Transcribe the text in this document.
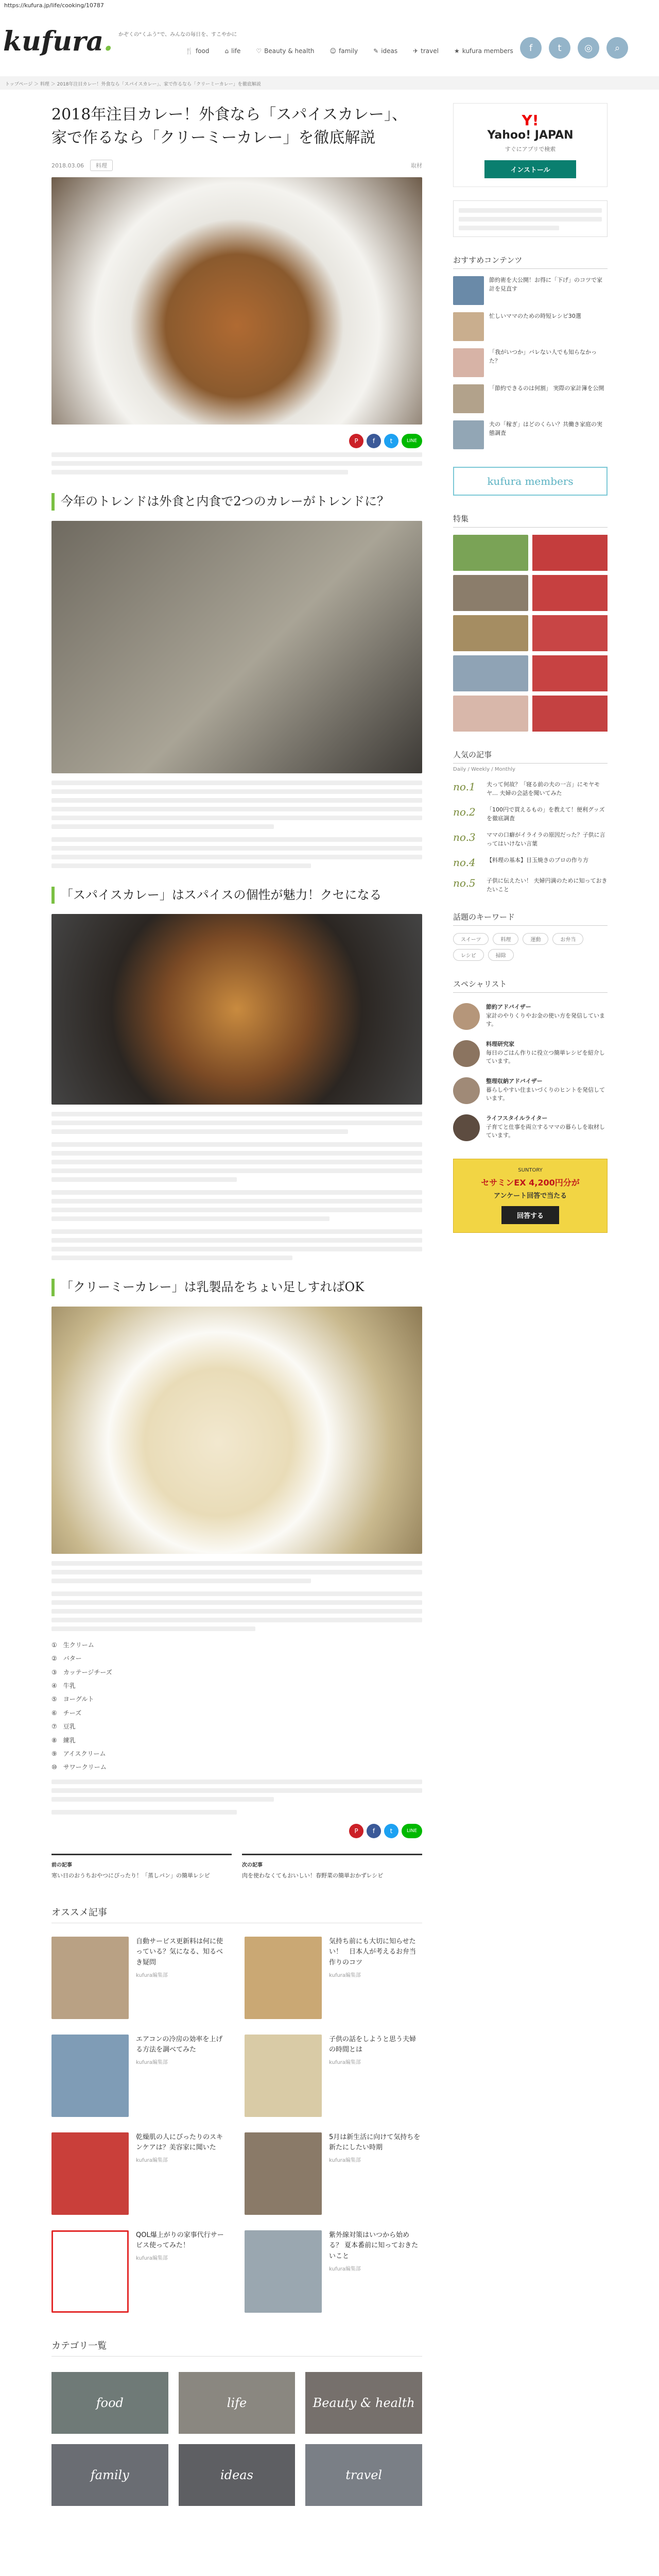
https://kufura.jp/life/cooking/10787
kufura. かぞくの“くふう”で、みんなの毎日を、すこやかに
🍴 food	⌂ life	♡ Beauty & health	☺ family	✎ ideas	✈ travel	★ kufura members	f	t	◎	⌕
トップページ ＞ 料理 ＞ 2018年注目カレー！外食なら「スパイスカレー」、家で作るなら「クリーミーカレー」を徹底解説
2018年注目カレー！外食なら「スパイスカレー」、家で作るなら「クリーミーカレー」を徹底解説
2018.03.06	料理	取材
P	f	t	LINE
今年のトレンドは外食と内食で2つのカレーがトレンドに？
「スパイスカレー」はスパイスの個性が魅力！クセになる
「クリーミーカレー」は乳製品をちょい足しすればOK
①　生クリーム
②　バター
③　カッテージチーズ
④　牛乳
⑤　ヨーグルト
⑥　チーズ
⑦　豆乳
⑧　練乳
⑨　アイスクリーム
⑩　サワークリーム
P	f	t	LINE
前の記事
寒い日のおうちおやつにぴったり！「蒸しパン」の簡単レシピ
次の記事
肉を使わなくてもおいしい！春野菜の簡単おかずレシピ
オススメ記事
自動サービス更新料は何に使っている？気になる、知るべき疑問
kufura編集部
気持ち前にも大切に知らせたい！　日本人が考えるお弁当作りのコツ
kufura編集部
エアコンの冷房の効率を上げる方法を調べてみた
kufura編集部
子供の話をしようと思う夫婦の時間とは
kufura編集部
乾燥肌の人にぴったりのスキンケアは？美容家に聞いた
kufura編集部
5月は新生活に向けて気持ちを新たにしたい時期
kufura編集部
QOL爆上がりの家事代行サービス使ってみた！
kufura編集部
紫外線対策はいつから始める？ 夏本番前に知っておきたいこと
kufura編集部
カテゴリ一覧
food	life	Beauty & health
family	ideas	travel
Y!
Yahoo! JAPAN
すぐにアプリで検索
インストール
おすすめコンテンツ
節約術を大公開！お得に「下げ」のコツで家計を見直す
忙しいママのための時短レシピ30選
「我がいつか」バレない人でも知らなかった？
「節約できるのは何割」 実際の家計簿を公開
夫の「稼ぎ」はどのくらい？共働き家庭の実態調査
kufura members
特集
人気の記事
Daily / Weekly / Monthly
no.1	夫って何故？「寝る前の夫の一言」にモヤモヤ… 夫婦の会話を聞いてみた
no.2	「100円で買えるもの」を教えて！便利グッズを徹底調査
no.3	ママの口癖がイライラの原因だった？子供に言ってはいけない言葉
no.4	【料理の基本】目玉焼きのプロの作り方
no.5	子供に伝えたい！ 夫婦円満のために知っておきたいこと
話題のキーワード
スイーツ	料理	運動	お弁当
レシピ	掃除
スペシャリスト
節約アドバイザー
家計のやりくりやお金の使い方を発信しています。
料理研究家
毎日のごはん作りに役立つ簡単レシピを紹介しています。
整理収納アドバイザー
暮らしやすい住まいづくりのヒントを発信しています。
ライフスタイルライター
子育てと仕事を両立するママの暮らしを取材しています。
SUNTORY
セサミンEX 4,200円分が
アンケート回答で当たる
回答する
